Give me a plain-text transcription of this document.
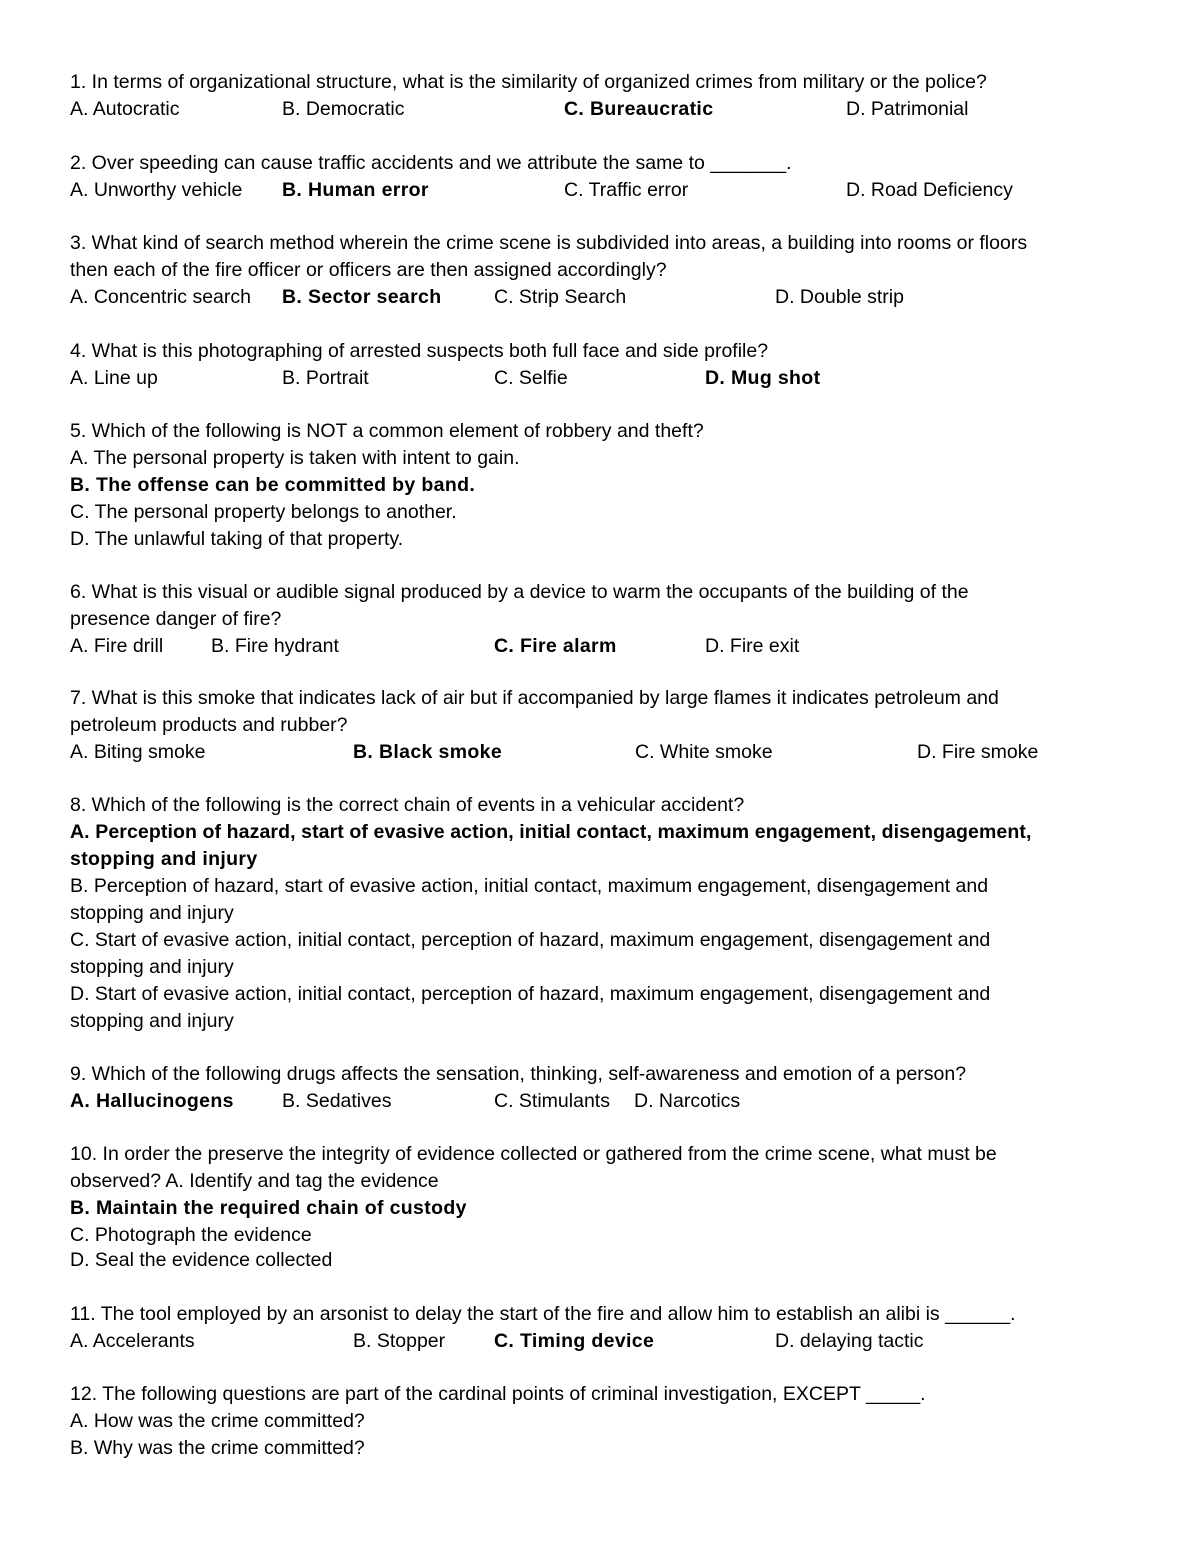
1. In terms of organizational structure, what is the similarity of organized crimes from military or the police?

A. Autocratic	B. Democratic	C. Bureaucratic	D. Patrimonial

2. Over speeding can cause traffic accidents and we attribute the same to _______.

A. Unworthy vehicle B. Human error	C. Traffic error	D. Road Deficiency

3. What kind of search method wherein the crime scene is subdivided into areas, a building into rooms or floors

then each of the fire officer or officers are then assigned accordingly?

A. Concentric search B. Sector search	C. Strip Search	D. Double strip

4. What is this photographing of arrested suspects both full face and side profile?

A. Line up	B. Portrait	C. Selfie	D. Mug shot

5. Which of the following is NOT a common element of robbery and theft?

A. The personal property is taken with intent to gain.

B. The offense can be committed by band.

C. The personal property belongs to another.

D. The unlawful taking of that property.

6. What is this visual or audible signal produced by a device to warm the occupants of the building of the

presence danger of fire?

A. Fire drill B. Fire hydrant	C. Fire alarm	D. Fire exit

7. What is this smoke that indicates lack of air but if accompanied by large flames it indicates petroleum and

petroleum products and rubber?

A. Biting smoke	B. Black smoke	C. White smoke	D. Fire smoke

8. Which of the following is the correct chain of events in a vehicular accident?

A. Perception of hazard, start of evasive action, initial contact, maximum engagement, disengagement,

stopping and injury

B. Perception of hazard, start of evasive action, initial contact, maximum engagement, disengagement and

stopping and injury

C. Start of evasive action, initial contact, perception of hazard, maximum engagement, disengagement and

stopping and injury

D. Start of evasive action, initial contact, perception of hazard, maximum engagement, disengagement and

stopping and injury

9. Which of the following drugs affects the sensation, thinking, self-awareness and emotion of a person?

A. Hallucinogens B. Sedatives	C. Stimulants D. Narcotics

10. In order the preserve the integrity of evidence collected or gathered from the crime scene, what must be

observed? A. Identify and tag the evidence

B. Maintain the required chain of custody

C. Photograph the evidence

D. Seal the evidence collected

11. The tool employed by an arsonist to delay the start of the fire and allow him to establish an alibi is ______.

A. Accelerants	B. Stopper	C. Timing device	D. delaying tactic

12. The following questions are part of the cardinal points of criminal investigation, EXCEPT _____.

A. How was the crime committed?

B. Why was the crime committed?
